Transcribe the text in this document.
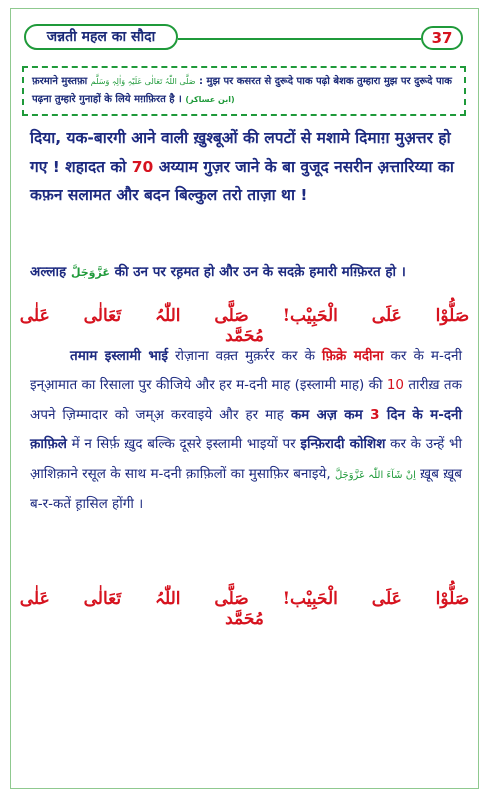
जन्नती महल का सौदा	37
फ़रमाने मुस्तफ़ा صَلَّی اللّٰہُ تَعَالٰی عَلَیْہِ وَاٰلِہٖ وَسَلَّم : मुझ पर कसरत से दुरूदे पाक पढ़ो बेशक तुम्हारा मुझ पर दुरूदे पाक पढ़ना तुम्हारे गुनाहों के लिये मग़फ़िरत है । (ابن عساکر)
दिया, यक-बारगी आने वाली ख़ुश्बूओं की लपटों से मशामे दिमाग़ मुअ़त्तर हो गए ! शहादत को 70 अय्याम गुज़र जाने के बा वुजूद नसरीन अ़त्तारिय्या का कफ़न सलामत और बदन बिल्कुल तरो ताज़ा था !
अल्लाह عَزَّوَجَلَّ की उन पर रह़मत हो और उन के सदक़े हमारी मग़्फ़िरत हो ।
صَلُّوْا عَلَی الْحَبِیْب! صَلَّی اللّٰہُ تَعَالٰی عَلٰی مُحَمَّد
तमाम इस्लामी भाई रोज़ाना वक़्त मुक़र्रर कर के फ़िक्रे मदीना कर के म-दनी इन्आ़मात का रिसाला पुर कीजिये और हर म-दनी माह (इस्लामी माह) की 10 तारीख़ तक अपने ज़िम्मादार को जम्अ़ करवाइये और हर माह कम अज़ कम 3 दिन के म-दनी क़ाफ़िले में न सिर्फ़ ख़ुद बल्कि दूसरे इस्लामी भाइयों पर इन्फ़िरादी कोशिश कर के उन्हें भी आ़शिक़ाने रसूल के साथ म-दनी क़ाफ़िलों का मुसाफ़िर बनाइये, اِنْ شَآءَ اللّٰہ عَزَّوَجَلَّ ख़ूब ख़ूब ब-र-कतें ह़ासिल होंगी ।
صَلُّوْا عَلَی الْحَبِیْب! صَلَّی اللّٰہُ تَعَالٰی عَلٰی مُحَمَّد
